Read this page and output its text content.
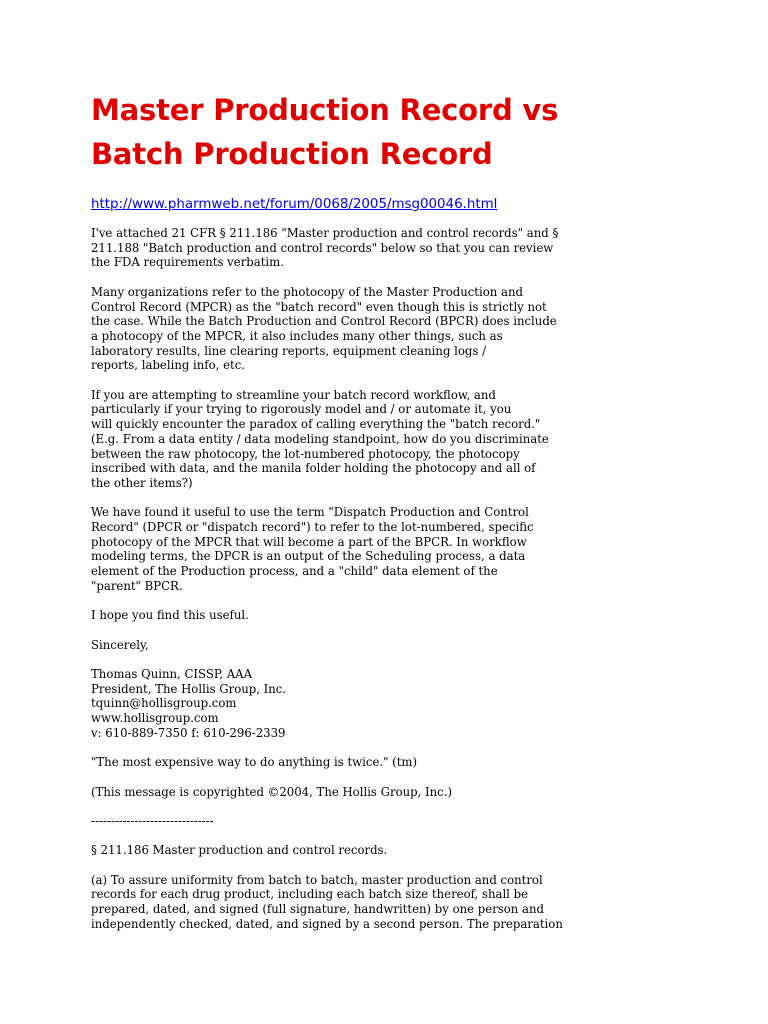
Master Production Record vs
Batch Production Record
http://www.pharmweb.net/forum/0068/2005/msg00046.html

I've attached 21 CFR § 211.186 "Master production and control records" and §
211.188 "Batch production and control records" below so that you can review
the FDA requirements verbatim.

Many organizations refer to the photocopy of the Master Production and
Control Record (MPCR) as the "batch record" even though this is strictly not
the case. While the Batch Production and Control Record (BPCR) does include
a photocopy of the MPCR, it also includes many other things, such as
laboratory results, line clearing reports, equipment cleaning logs /
reports, labeling info, etc.

If you are attempting to streamline your batch record workflow, and
particularly if your trying to rigorously model and / or automate it, you
will quickly encounter the paradox of calling everything the "batch record."
(E.g. From a data entity / data modeling standpoint, how do you discriminate
between the raw photocopy, the lot-numbered photocopy, the photocopy
inscribed with data, and the manila folder holding the photocopy and all of
the other items?)

We have found it useful to use the term "Dispatch Production and Control
Record" (DPCR or "dispatch record") to refer to the lot-numbered, specific
photocopy of the MPCR that will become a part of the BPCR. In workflow
modeling terms, the DPCR is an output of the Scheduling process, a data
element of the Production process, and a "child" data element of the
"parent" BPCR.

I hope you find this useful.

Sincerely,

Thomas Quinn, CISSP, AAA
President, The Hollis Group, Inc.
tquinn@hollisgroup.com
www.hollisgroup.com
v: 610-889-7350 f: 610-296-2339

"The most expensive way to do anything is twice." (tm)

(This message is copyrighted ©2004, The Hollis Group, Inc.)

-------------------------------

§ 211.186 Master production and control records.

(a) To assure uniformity from batch to batch, master production and control
records for each drug product, including each batch size thereof, shall be
prepared, dated, and signed (full signature, handwritten) by one person and
independently checked, dated, and signed by a second person. The preparation
